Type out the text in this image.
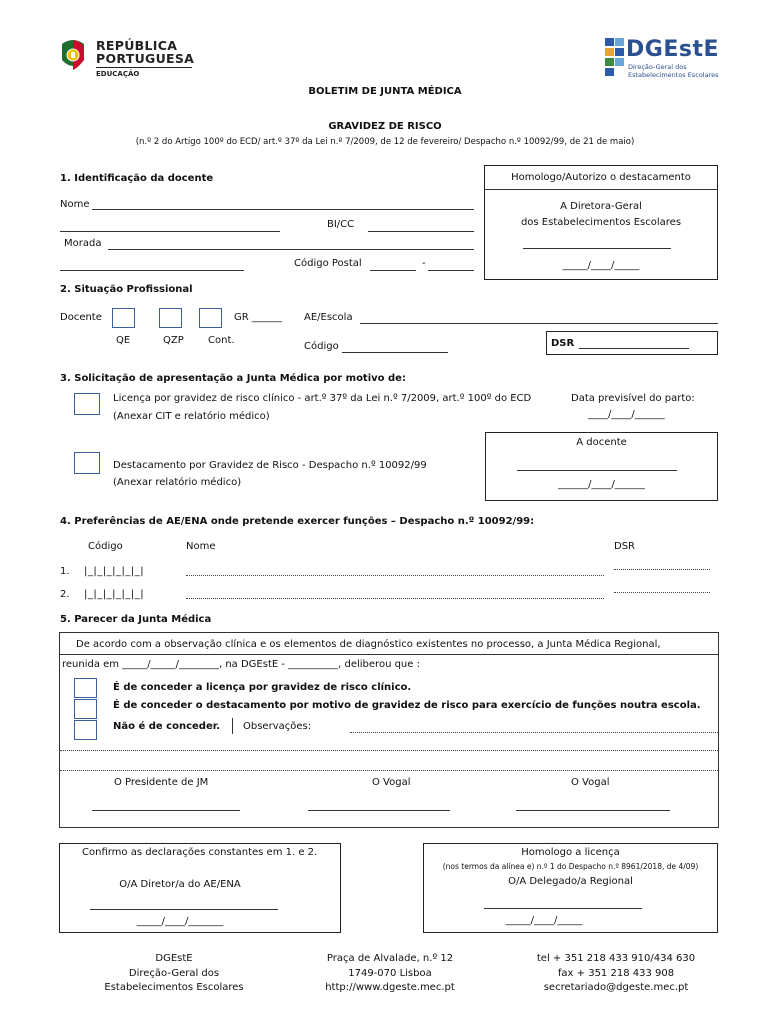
REPÚBLICA
PORTUGUESA
EDUCAÇÃO
DGEstE
Direção-Geral dos
Estabelecimentos Escolares
BOLETIM DE JUNTA MÉDICA
GRAVIDEZ DE RISCO
(n.º 2 do Artigo 100º do ECD/ art.º 37º da Lei n.º 7/2009, de 12 de fevereiro/ Despacho n.º 10092/99, de 21 de maio)
1. Identificação da docente
Nome
BI/CC
Morada
Código Postal	-
Homologo/Autorizo o destacamento
A Diretora-Geral
dos Estabelecimentos Escolares
_____/____/_____
2. Situação Profissional
Docente	GR ______ AE/Escola
QE	QZP Cont.
Código	DSR
3. Solicitação de apresentação a Junta Médica por motivo de:
Licença por gravidez de risco clínico - art.º 37º da Lei n.º 7/2009, art.º 100º do ECD
(Anexar CIT e relatório médico)
Data previsível do parto:
____/____/______
Destacamento por Gravidez de Risco - Despacho n.º 10092/99
(Anexar relatório médico)
A docente
______/____/______
4. Preferências de AE/ENA onde pretende exercer funções – Despacho n.º 10092/99:
Código	Nome	DSR
1. |_|_|_|_|_|_|
2. |_|_|_|_|_|_|
5. Parecer da Junta Médica
De acordo com a observação clínica e os elementos de diagnóstico existentes no processo, a Junta Médica Regional,
reunida em _____/_____/________, na DGEstE - __________, deliberou que :
É de conceder a licença por gravidez de risco clínico.
É de conceder o destacamento por motivo de gravidez de risco para exercício de funções noutra escola.
Não é de conceder. Observações:
O Presidente de JM	O Vogal	O Vogal
Confirmo as declarações constantes em 1. e 2.
O/A Diretor/a do AE/ENA
_____/____/_______
Homologo a licença
(nos termos da alínea e) n.º 1 do Despacho n.º 8961/2018, de 4/09)
O/A Delegado/a Regional
_____/____/_____
DGEstE
Direção-Geral dos
Estabelecimentos Escolares
Praça de Alvalade, n.º 12
1749-070 Lisboa
http://www.dgeste.mec.pt
tel + 351 218 433 910/434 630
fax + 351 218 433 908
secretariado@dgeste.mec.pt
